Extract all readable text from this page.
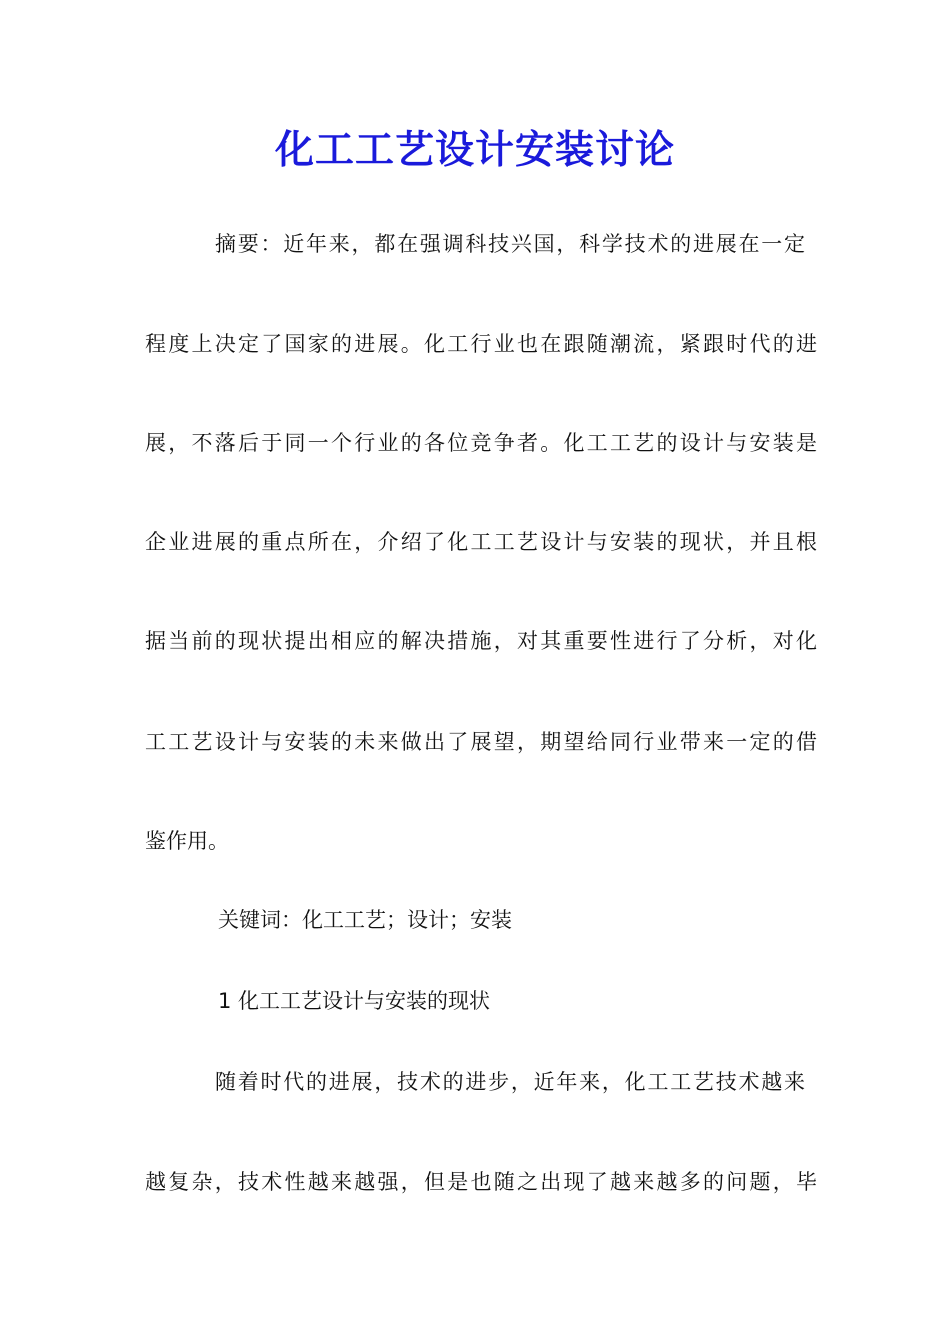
化工工艺设计安装讨论
摘要：近年来，都在强调科技兴国，科学技术的进展在一定
程度上决定了国家的进展。化工行业也在跟随潮流，紧跟时代的进
展，不落后于同一个行业的各位竞争者。化工工艺的设计与安装是
企业进展的重点所在，介绍了化工工艺设计与安装的现状，并且根
据当前的现状提出相应的解决措施，对其重要性进行了分析，对化
工工艺设计与安装的未来做出了展望，期望给同行业带来一定的借
鉴作用。
关键词：化工工艺；设计；安装
1 化工工艺设计与安装的现状
随着时代的进展，技术的进步，近年来，化工工艺技术越来
越复杂，技术性越来越强，但是也随之出现了越来越多的问题，毕
